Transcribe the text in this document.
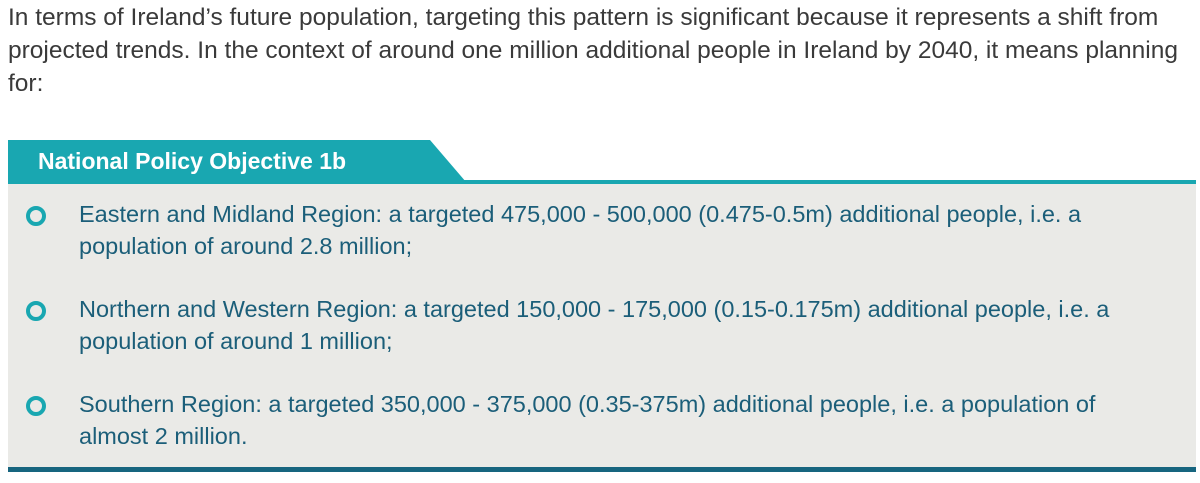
In terms of Ireland’s future population, targeting this pattern is significant because it represents a shift from projected trends. In the context of around one million additional people in Ireland by 2040, it means planning for:

National Policy Objective 1b
Eastern and Midland Region: a targeted 475,000 - 500,000 (0.475-0.5m) additional people, i.e. a population of around 2.8 million;
Northern and Western Region: a targeted 150,000 - 175,000 (0.15-0.175m) additional people, i.e. a population of around 1 million;
Southern Region: a targeted 350,000 - 375,000 (0.35-375m) additional people, i.e. a population of almost 2 million.
